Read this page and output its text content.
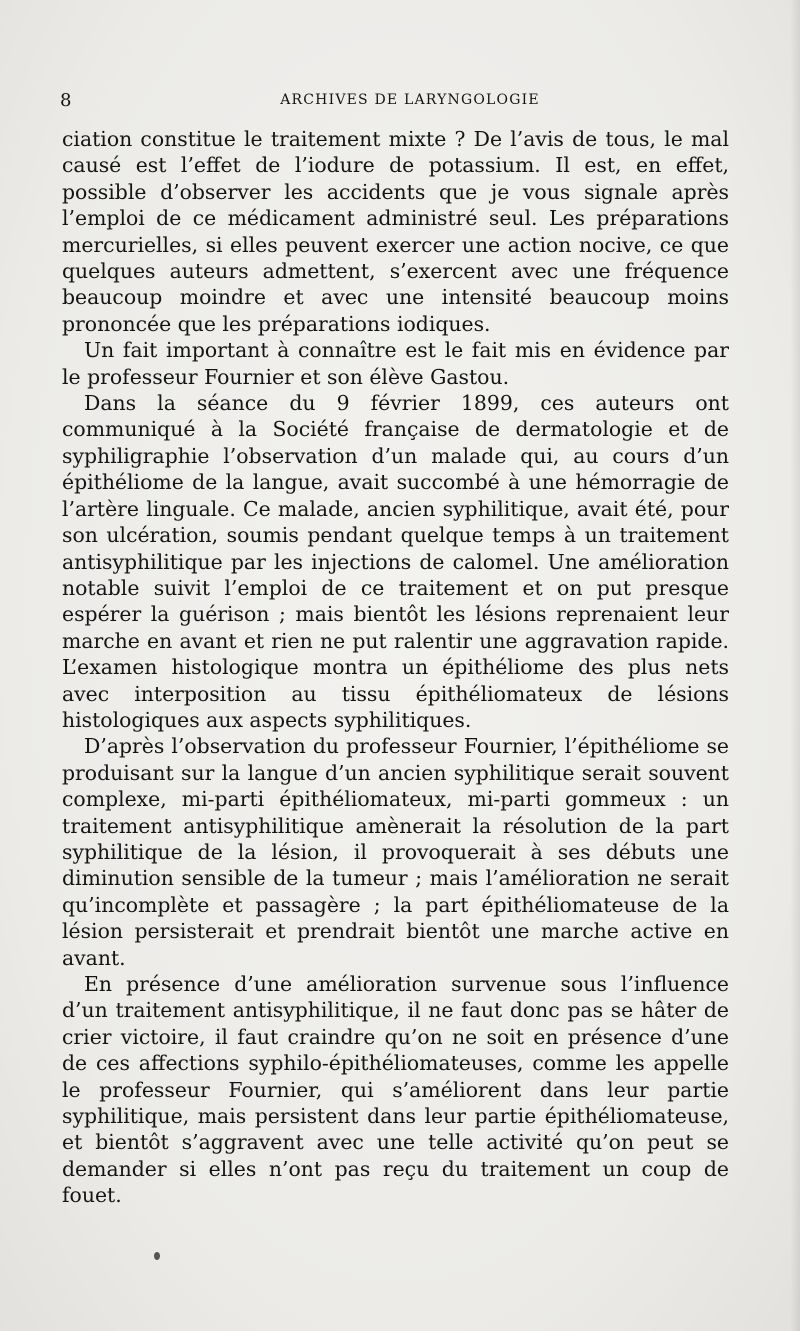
8	ARCHIVES DE LARYNGOLOGIE

ciation constitue le traitement mixte ? De l’avis de tous, le mal causé est l’effet de l’iodure de potassium. Il est, en effet, possible d’observer les accidents que je vous signale après l’emploi de ce médicament administré seul. Les préparations mercurielles, si elles peuvent exercer une action nocive, ce que quelques auteurs admettent, s’exercent avec une fréquence beaucoup moindre et avec une intensité beaucoup moins prononcée que les préparations iodiques.

Un fait important à connaître est le fait mis en évidence par le professeur Fournier et son élève Gastou.

Dans la séance du 9 février 1899, ces auteurs ont communiqué à la Société française de dermatologie et de syphiligraphie l’observation d’un malade qui, au cours d’un épithéliome de la langue, avait succombé à une hémorragie de l’artère linguale. Ce malade, ancien syphilitique, avait été, pour son ulcération, soumis pendant quelque temps à un traitement antisyphilitique par les injections de calomel. Une amélioration notable suivit l’emploi de ce traitement et on put presque espérer la guérison ; mais bientôt les lésions reprenaient leur marche en avant et rien ne put ralentir une aggravation rapide. L’examen histologique montra un épithéliome des plus nets avec interposition au tissu épithéliomateux de lésions histologiques aux aspects syphilitiques.

D’après l’observation du professeur Fournier, l’épithéliome se produisant sur la langue d’un ancien syphilitique serait souvent complexe, mi-parti épithéliomateux, mi-parti gommeux : un traitement antisyphilitique amènerait la résolution de la part syphilitique de la lésion, il provoquerait à ses débuts une diminution sensible de la tumeur ; mais l’amélioration ne serait qu’incomplète et passagère ; la part épithéliomateuse de la lésion persisterait et prendrait bientôt une marche active en avant.

En présence d’une amélioration survenue sous l’influence d’un traitement antisyphilitique, il ne faut donc pas se hâter de crier victoire, il faut craindre qu’on ne soit en présence d’une de ces affections syphilo-épithéliomateuses, comme les appelle le professeur Fournier, qui s’améliorent dans leur partie syphilitique, mais persistent dans leur partie épithéliomateuse, et bientôt s’aggravent avec une telle activité qu’on peut se demander si elles n’ont pas reçu du traitement un coup de fouet.
